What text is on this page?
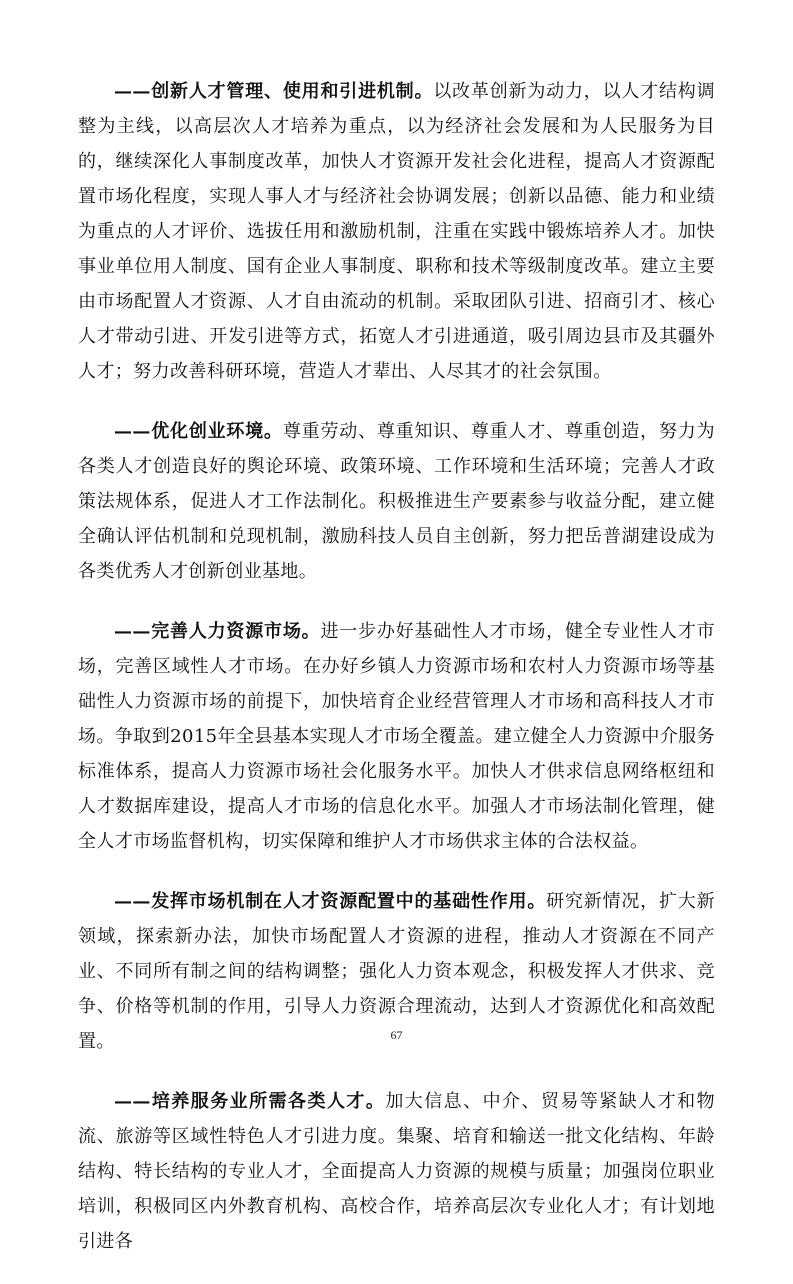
——创新人才管理、使用和引进机制。以改革创新为动力，以人才结构调整为主线，以高层次人才培养为重点，以为经济社会发展和为人民服务为目的，继续深化人事制度改革，加快人才资源开发社会化进程，提高人才资源配置市场化程度，实现人事人才与经济社会协调发展；创新以品德、能力和业绩为重点的人才评价、选拔任用和激励机制，注重在实践中锻炼培养人才。加快事业单位用人制度、国有企业人事制度、职称和技术等级制度改革。建立主要由市场配置人才资源、人才自由流动的机制。采取团队引进、招商引才、核心人才带动引进、开发引进等方式，拓宽人才引进通道，吸引周边县市及其疆外人才；努力改善科研环境，营造人才辈出、人尽其才的社会氛围。

——优化创业环境。尊重劳动、尊重知识、尊重人才、尊重创造，努力为各类人才创造良好的舆论环境、政策环境、工作环境和生活环境；完善人才政策法规体系，促进人才工作法制化。积极推进生产要素参与收益分配，建立健全确认评估机制和兑现机制，激励科技人员自主创新，努力把岳普湖建设成为各类优秀人才创新创业基地。

——完善人力资源市场。进一步办好基础性人才市场，健全专业性人才市场，完善区域性人才市场。在办好乡镇人力资源市场和农村人力资源市场等基础性人力资源市场的前提下，加快培育企业经营管理人才市场和高科技人才市场。争取到2015年全县基本实现人才市场全覆盖。建立健全人力资源中介服务标准体系，提高人力资源市场社会化服务水平。加快人才供求信息网络枢纽和人才数据库建设，提高人才市场的信息化水平。加强人才市场法制化管理，健全人才市场监督机构，切实保障和维护人才市场供求主体的合法权益。

——发挥市场机制在人才资源配置中的基础性作用。研究新情况，扩大新领域，探索新办法，加快市场配置人才资源的进程，推动人才资源在不同产业、不同所有制之间的结构调整；强化人力资本观念，积极发挥人才供求、竞争、价格等机制的作用，引导人力资源合理流动，达到人才资源优化和高效配置。

——培养服务业所需各类人才。加大信息、中介、贸易等紧缺人才和物流、旅游等区域性特色人才引进力度。集聚、培育和输送一批文化结构、年龄结构、特长结构的专业人才，全面提高人力资源的规模与质量；加强岗位职业培训，积极同区内外教育机构、高校合作，培养高层次专业化人才；有计划地引进各

67
